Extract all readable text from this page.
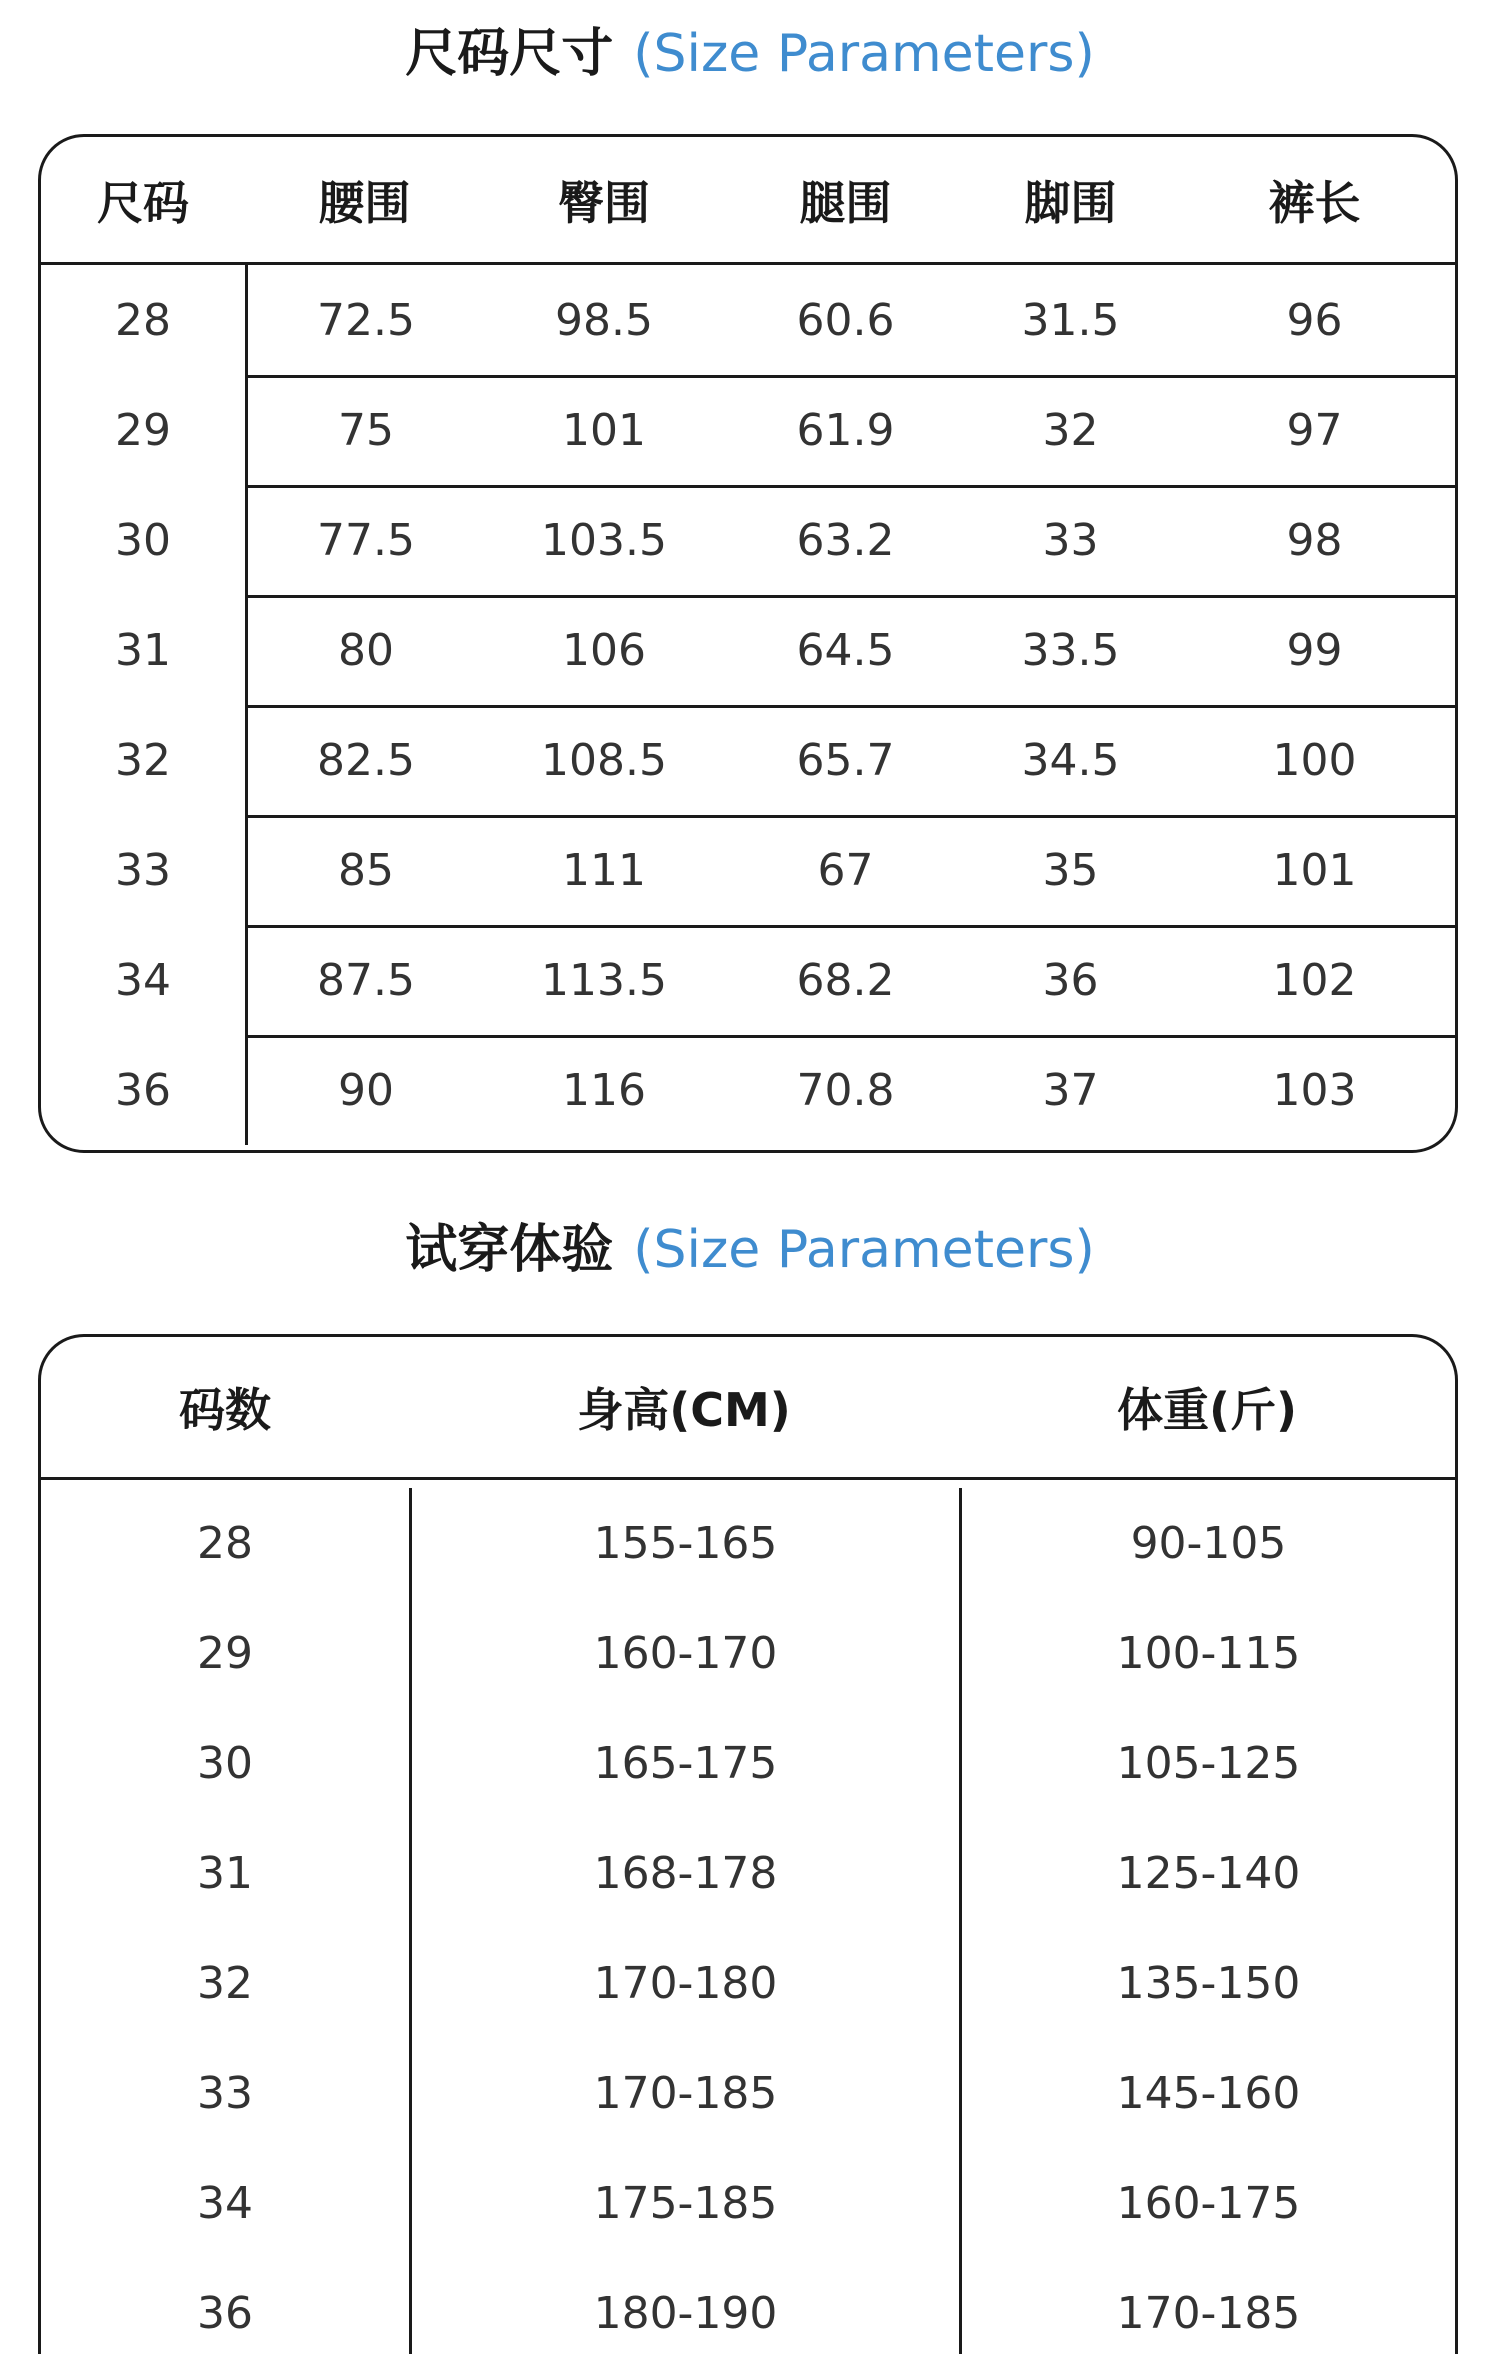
尺码尺寸 (Size Parameters)
尺码	腰围	臀围	腿围	脚围	裤长
28	72.5	98.5	60.6	31.5	96
29	75	101	61.9	32	97
30	77.5	103.5	63.2	33	98
31	80	106	64.5	33.5	99
32	82.5	108.5	65.7	34.5	100
33	85	111	67	35	101
34	87.5	113.5	68.2	36	102
36	90	116	70.8	37	103
试穿体验 (Size Parameters)
码数	身高(CM)	体重(斤)
28	155-165	90-105
29	160-170	100-115
30	165-175	105-125
31	168-178	125-140
32	170-180	135-150
33	170-185	145-160
34	175-185	160-175
36	180-190	170-185
